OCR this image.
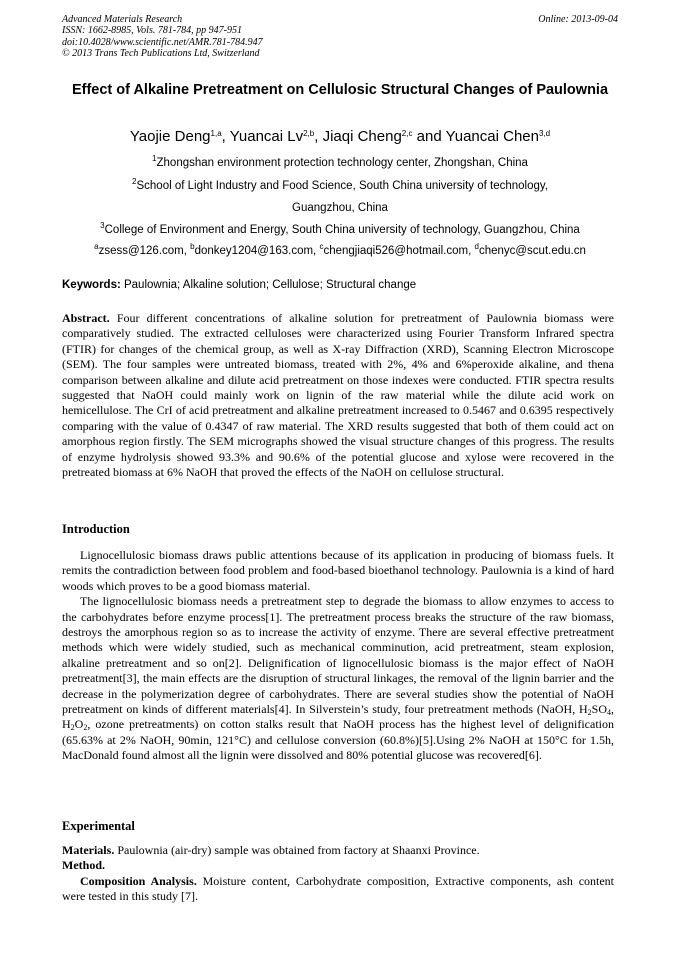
Advanced Materials Research
ISSN: 1662-8985, Vols. 781-784, pp 947-951
doi:10.4028/www.scientific.net/AMR.781-784.947
© 2013 Trans Tech Publications Ltd, Switzerland
Online: 2013-09-04
Effect of Alkaline Pretreatment on Cellulosic Structural Changes of Paulownia
Yaojie Deng$^{1,a}$, Yuancai Lv$^{2,b}$, Jiaqi Cheng$^{2,c}$ and Yuancai Chen$^{3,d}$
$^1$Zhongshan environment protection technology center, Zhongshan, China
$^2$School of Light Industry and Food Science, South China university of technology,
Guangzhou, China
$^3$College of Environment and Energy, South China university of technology, Guangzhou, China
$^a$zsess@126.com, $^b$donkey1204@163.com, $^c$chengjiaqi526@hotmail.com, $^d$chenyc@scut.edu.cn
Keywords: Paulownia; Alkaline solution; Cellulose; Structural change

Abstract. Four different concentrations of alkaline solution for pretreatment of Paulownia biomass were comparatively studied. The extracted celluloses were characterized using Fourier Transform Infrared spectra (FTIR) for changes of the chemical group, as well as X-ray Diffraction (XRD), Scanning Electron Microscope (SEM). The four samples were untreated biomass, treated with 2%, 4% and 6%peroxide alkaline, and thena comparison between alkaline and dilute acid pretreatment on those indexes were conducted. FTIR spectra results suggested that NaOH could mainly work on lignin of the raw material while the dilute acid work on hemicellulose. The CrI of acid pretreatment and alkaline pretreatment increased to 0.5467 and 0.6395 respectively comparing with the value of 0.4347 of raw material. The XRD results suggested that both of them could act on amorphous region firstly. The SEM micrographs showed the visual structure changes of this progress. The results of enzyme hydrolysis showed 93.3% and 90.6% of the potential glucose and xylose were recovered in the pretreated biomass at 6% NaOH that proved the effects of the NaOH on cellulose structural.

Introduction

Lignocellulosic biomass draws public attentions because of its application in producing of biomass fuels. It remits the contradiction between food problem and food-based bioethanol technology. Paulownia is a kind of hard woods which proves to be a good biomass material.

The lignocellulosic biomass needs a pretreatment step to degrade the biomass to allow enzymes to access to the carbohydrates before enzyme process[1]. The pretreatment process breaks the structure of the raw biomass, destroys the amorphous region so as to increase the activity of enzyme. There are several effective pretreatment methods which were widely studied, such as mechanical comminution, acid pretreatment, steam explosion, alkaline pretreatment and so on[2]. Delignification of lignocellulosic biomass is the major effect of NaOH pretreatment[3], the main effects are the disruption of structural linkages, the removal of the lignin barrier and the decrease in the polymerization degree of carbohydrates. There are several studies show the potential of NaOH pretreatment on kinds of different materials[4]. In Silverstein’s study, four pretreatment methods (NaOH, $H_2SO_4$, $H_2O_2$, ozone pretreatments) on cotton stalks result that NaOH process has the highest level of delignification (65.63% at 2% NaOH, 90min, 121°C) and cellulose conversion (60.8%)[5].Using 2% NaOH at 150°C for 1.5h, MacDonald found almost all the lignin were dissolved and 80% potential glucose was recovered[6].

Experimental

Materials. Paulownia (air-dry) sample was obtained from factory at Shaanxi Province.

Method.

Composition Analysis. Moisture content, Carbohydrate composition, Extractive components, ash content were tested in this study [7].
